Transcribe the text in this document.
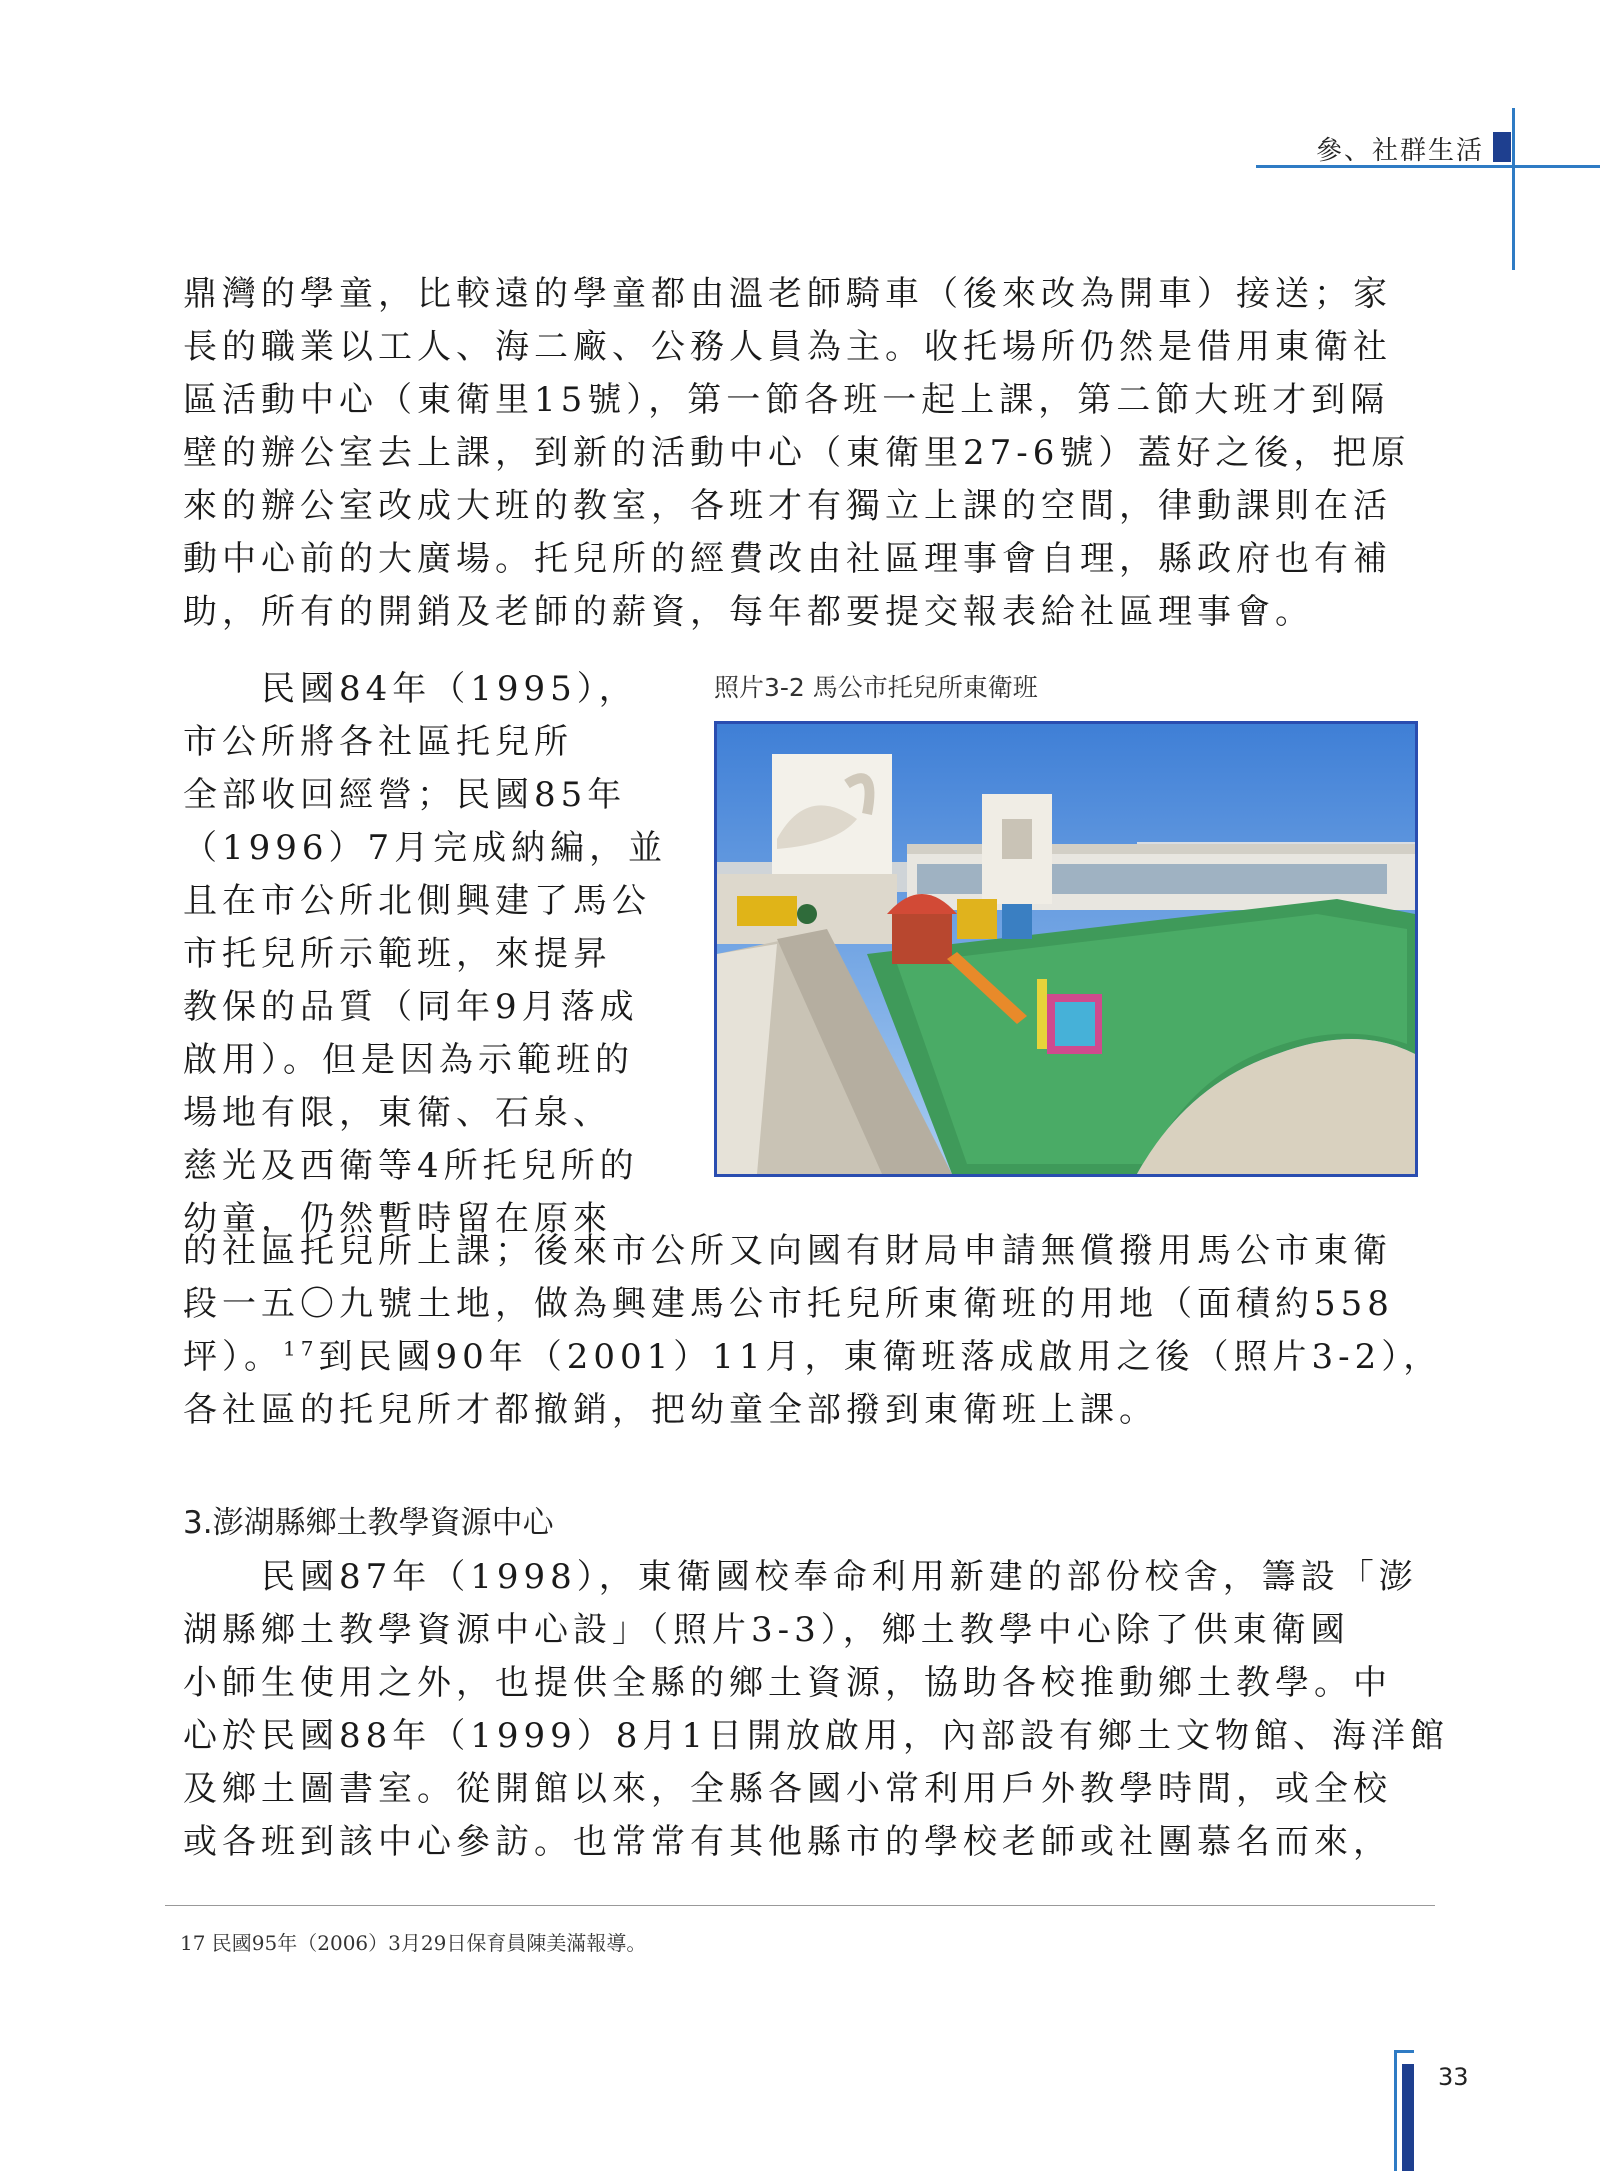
參、社群生活
鼎灣的學童，比較遠的學童都由溫老師騎車（後來改為開車）接送；家
長的職業以工人、海二廠、公務人員為主。收托場所仍然是借用東衛社
區活動中心（東衛里15號），第一節各班一起上課，第二節大班才到隔
壁的辦公室去上課，到新的活動中心（東衛里27-6號）蓋好之後，把原
來的辦公室改成大班的教室，各班才有獨立上課的空間，律動課則在活
動中心前的大廣場。托兒所的經費改由社區理事會自理，縣政府也有補
助，所有的開銷及老師的薪資，每年都要提交報表給社區理事會。
　　民國84年（1995），
市公所將各社區托兒所
全部收回經營；民國85年
（1996）7月完成納編，並
且在市公所北側興建了馬公
市托兒所示範班，來提昇
教保的品質（同年9月落成
啟用）。但是因為示範班的
場地有限，東衛、石泉、
慈光及西衛等4所托兒所的
幼童，仍然暫時留在原來
照片3-2 馬公市托兒所東衛班
的社區托兒所上課；後來市公所又向國有財局申請無償撥用馬公市東衛
段一五〇九號土地，做為興建馬公市托兒所東衛班的用地（面積約558
坪）。$^{17}$到民國90年（2001）11月，東衛班落成啟用之後（照片3-2），
各社區的托兒所才都撤銷，把幼童全部撥到東衛班上課。
3.澎湖縣鄉土教學資源中心
　　民國87年（1998），東衛國校奉命利用新建的部份校舍，籌設「澎
湖縣鄉土教學資源中心設」（照片3-3），鄉土教學中心除了供東衛國
小師生使用之外，也提供全縣的鄉土資源，協助各校推動鄉土教學。中
心於民國88年（1999）8月1日開放啟用，內部設有鄉土文物館、海洋館
及鄉土圖書室。從開館以來，全縣各國小常利用戶外教學時間，或全校
或各班到該中心參訪。也常常有其他縣市的學校老師或社團慕名而來，
17 民國95年（2006）3月29日保育員陳美滿報導。
33
